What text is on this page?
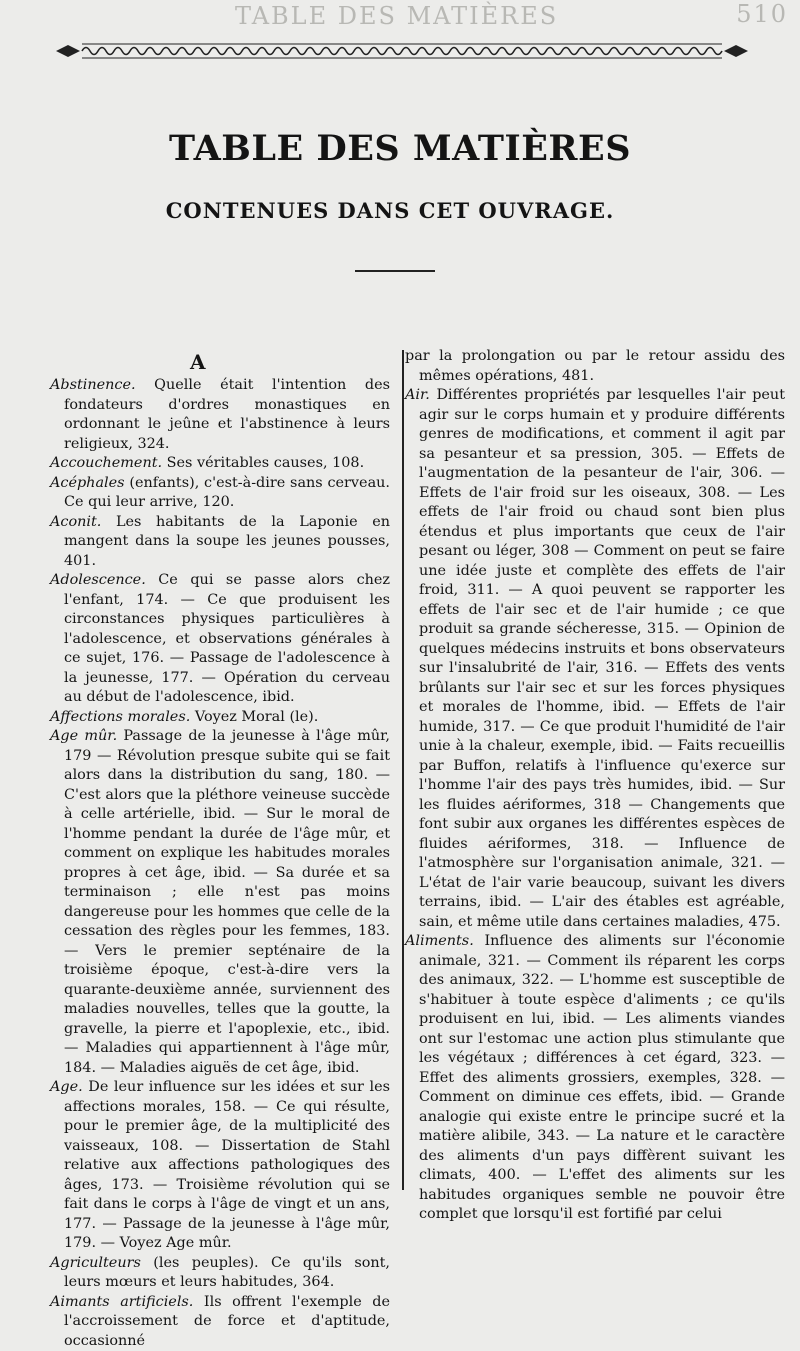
TABLE DES MATIÈRES	510
TABLE DES MATIÈRES
CONTENUES DANS CET OUVRAGE.
A

Abstinence. Quelle était l'intention des fondateurs d'ordres monastiques en ordonnant le jeûne et l'abstinence à leurs religieux, 324.

Accouchement. Ses véritables causes, 108.

Acéphales (enfants), c'est-à-dire sans cerveau. Ce qui leur arrive, 120.

Aconit. Les habitants de la Laponie en mangent dans la soupe les jeunes pousses, 401.

Adolescence. Ce qui se passe alors chez l'enfant, 174. — Ce que produisent les circonstances physiques particulières à l'adolescence, et observations générales à ce sujet, 176. — Passage de l'adolescence à la jeunesse, 177. — Opération du cerveau au début de l'adolescence, ibid.

Affections morales. Voyez Moral (le).

Age mûr. Passage de la jeunesse à l'âge mûr, 179 — Révolution presque subite qui se fait alors dans la distribution du sang, 180. — C'est alors que la pléthore veineuse succède à celle artérielle, ibid. — Sur le moral de l'homme pendant la durée de l'âge mûr, et comment on explique les habitudes morales propres à cet âge, ibid. — Sa durée et sa terminaison ; elle n'est pas moins dangereuse pour les hommes que celle de la cessation des règles pour les femmes, 183. — Vers le premier septénaire de la troisième époque, c'est-à-dire vers la quarante-deuxième année, surviennent des maladies nouvelles, telles que la goutte, la gravelle, la pierre et l'apoplexie, etc., ibid. — Maladies qui appartiennent à l'âge mûr, 184. — Maladies aiguës de cet âge, ibid.

Age. De leur influence sur les idées et sur les affections morales, 158. — Ce qui résulte, pour le premier âge, de la multiplicité des vaisseaux, 108. — Dissertation de Stahl relative aux affections pathologiques des âges, 173. — Troisième révolution qui se fait dans le corps à l'âge de vingt et un ans, 177. — Passage de la jeunesse à l'âge mûr, 179. — Voyez Age mûr.

Agriculteurs (les peuples). Ce qu'ils sont, leurs mœurs et leurs habitudes, 364.

Aimants artificiels. Ils offrent l'exemple de l'accroissement de force et d'aptitude, occasionné

par la prolongation ou par le retour assidu des mêmes opérations, 481.

Air. Différentes propriétés par lesquelles l'air peut agir sur le corps humain et y produire différents genres de modifications, et comment il agit par sa pesanteur et sa pression, 305. — Effets de l'augmentation de la pesanteur de l'air, 306. — Effets de l'air froid sur les oiseaux, 308. — Les effets de l'air froid ou chaud sont bien plus étendus et plus importants que ceux de l'air pesant ou léger, 308 — Comment on peut se faire une idée juste et complète des effets de l'air froid, 311. — A quoi peuvent se rapporter les effets de l'air sec et de l'air humide ; ce que produit sa grande sécheresse, 315. — Opinion de quelques médecins instruits et bons observateurs sur l'insalubrité de l'air, 316. — Effets des vents brûlants sur l'air sec et sur les forces physiques et morales de l'homme, ibid. — Effets de l'air humide, 317. — Ce que produit l'humidité de l'air unie à la chaleur, exemple, ibid. — Faits recueillis par Buffon, relatifs à l'influence qu'exerce sur l'homme l'air des pays très humides, ibid. — Sur les fluides aériformes, 318 — Changements que font subir aux organes les différentes espèces de fluides aériformes, 318. — Influence de l'atmosphère sur l'organisation animale, 321. — L'état de l'air varie beaucoup, suivant les divers terrains, ibid. — L'air des étables est agréable, sain, et même utile dans certaines maladies, 475.

Aliments. Influence des aliments sur l'économie animale, 321. — Comment ils réparent les corps des animaux, 322. — L'homme est susceptible de s'habituer à toute espèce d'aliments ; ce qu'ils produisent en lui, ibid. — Les aliments viandes ont sur l'estomac une action plus stimulante que les végétaux ; différences à cet égard, 323. — Effet des aliments grossiers, exemples, 328. — Comment on diminue ces effets, ibid. — Grande analogie qui existe entre le principe sucré et la matière alibile, 343. — La nature et le caractère des aliments d'un pays diffèrent suivant les climats, 400. — L'effet des aliments sur les habitudes organiques semble ne pouvoir être complet que lorsqu'il est fortifié par celui
